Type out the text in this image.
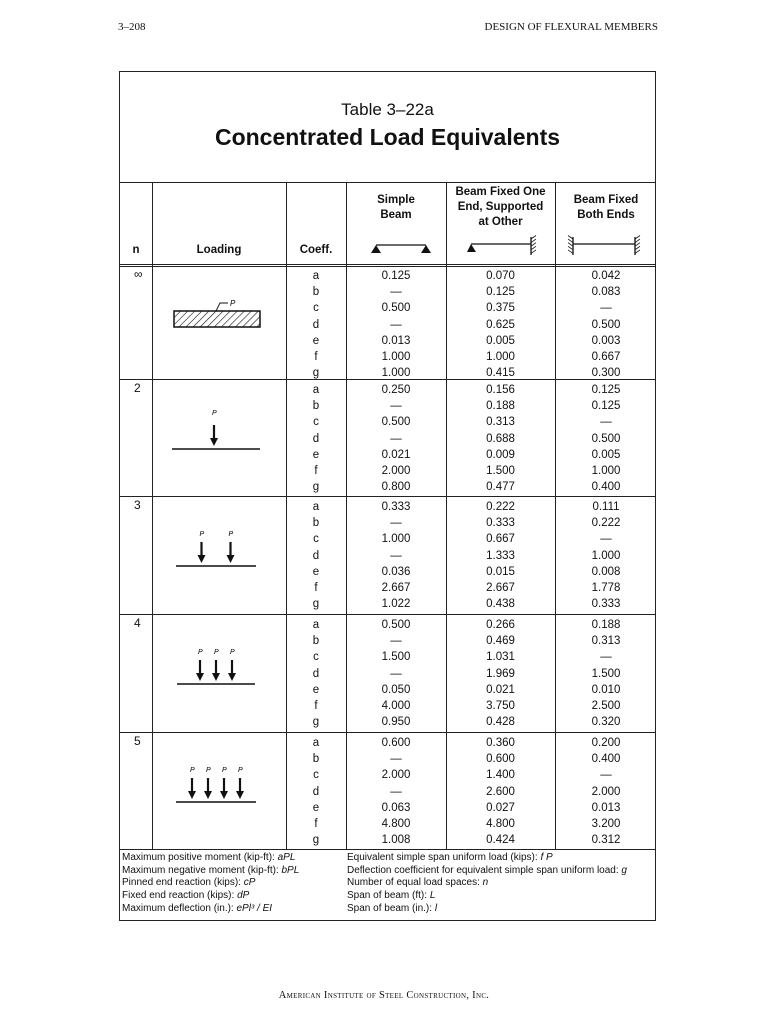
3–208	DESIGN OF FLEXURAL MEMBERS
Table 3–22a
Concentrated Load Equivalents
n	Loading	Coeff.
Simple
Beam
Beam Fixed One
End, Supported
at Other
Beam Fixed
Both Ends
∞	a	0.125	0.070	0.042
b	—	0.125	0.083
c	0.500	0.375	—
d	—	0.625	0.500
e	0.013	0.005	0.003
f	1.000	1.000	0.667
g	1.000	0.415	0.300
P
2	a	0.250	0.156	0.125
b	—	0.188	0.125
c	0.500	0.313	—
d	—	0.688	0.500
e	0.021	0.009	0.005
f	2.000	1.500	1.000
g	0.800	0.477	0.400
P
3	a	0.333	0.222	0.111
b	—	0.333	0.222
c	1.000	0.667	—
d	—	1.333	1.000
e	0.036	0.015	0.008
f	2.667	2.667	1.778
g	1.022	0.438	0.333
P	P
4	a	0.500	0.266	0.188
b	—	0.469	0.313
c	1.500	1.031	—
d	—	1.969	1.500
e	0.050	0.021	0.010
f	4.000	3.750	2.500
g	0.950	0.428	0.320
P P P
5	a	0.600	0.360	0.200
b	—	0.600	0.400
c	2.000	1.400	—
d	—	2.600	2.000
e	0.063	0.027	0.013
f	4.800	4.800	3.200
g	1.008	0.424	0.312
P P P P
Maximum positive moment (kip-ft): aPL
Maximum negative moment (kip-ft): bPL
Pinned end reaction (kips): cP
Fixed end reaction (kips): dP
Maximum deflection (in.): ePl³ / EI
Equivalent simple span uniform load (kips): f P
Deflection coefficient for equivalent simple span uniform load: g
Number of equal load spaces: n
Span of beam (ft): L
Span of beam (in.): l
American Institute of Steel Construction, Inc.
